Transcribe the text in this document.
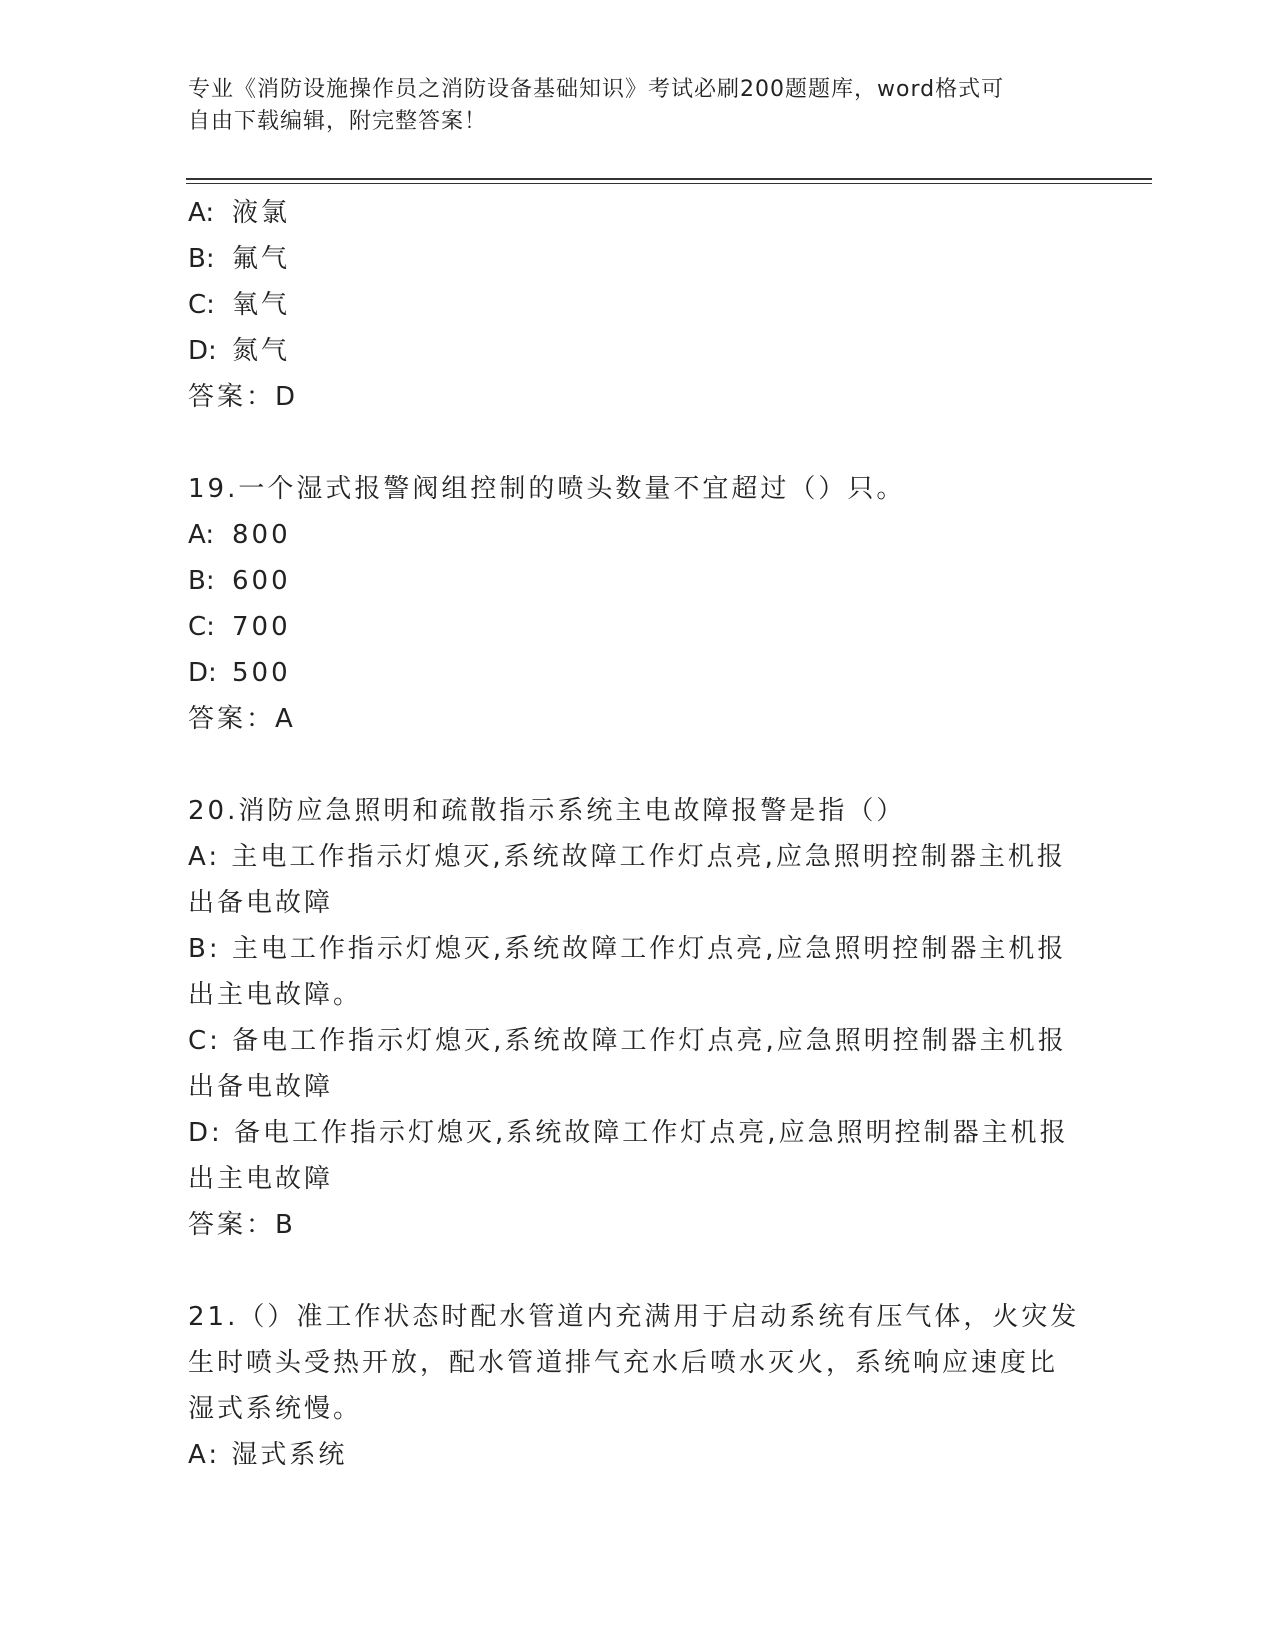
专业《消防设施操作员之消防设备基础知识》考试必刷200题题库，word格式可
自由下载编辑，附完整答案！
A: 液氯
B: 氟气
C: 氧气
D: 氮气
答案：D
19.一个湿式报警阀组控制的喷头数量不宜超过（）只。
A: 800
B: 600
C: 700
D: 500
答案：A
20.消防应急照明和疏散指示系统主电故障报警是指（）
A: 主电工作指示灯熄灭,系统故障工作灯点亮,应急照明控制器主机报
出备电故障
B: 主电工作指示灯熄灭,系统故障工作灯点亮,应急照明控制器主机报
出主电故障。
C: 备电工作指示灯熄灭,系统故障工作灯点亮,应急照明控制器主机报
出备电故障
D: 备电工作指示灯熄灭,系统故障工作灯点亮,应急照明控制器主机报
出主电故障
答案：B
21.（）准工作状态时配水管道内充满用于启动系统有压气体，火灾发
生时喷头受热开放，配水管道排气充水后喷水灭火，系统响应速度比
湿式系统慢。
A: 湿式系统
